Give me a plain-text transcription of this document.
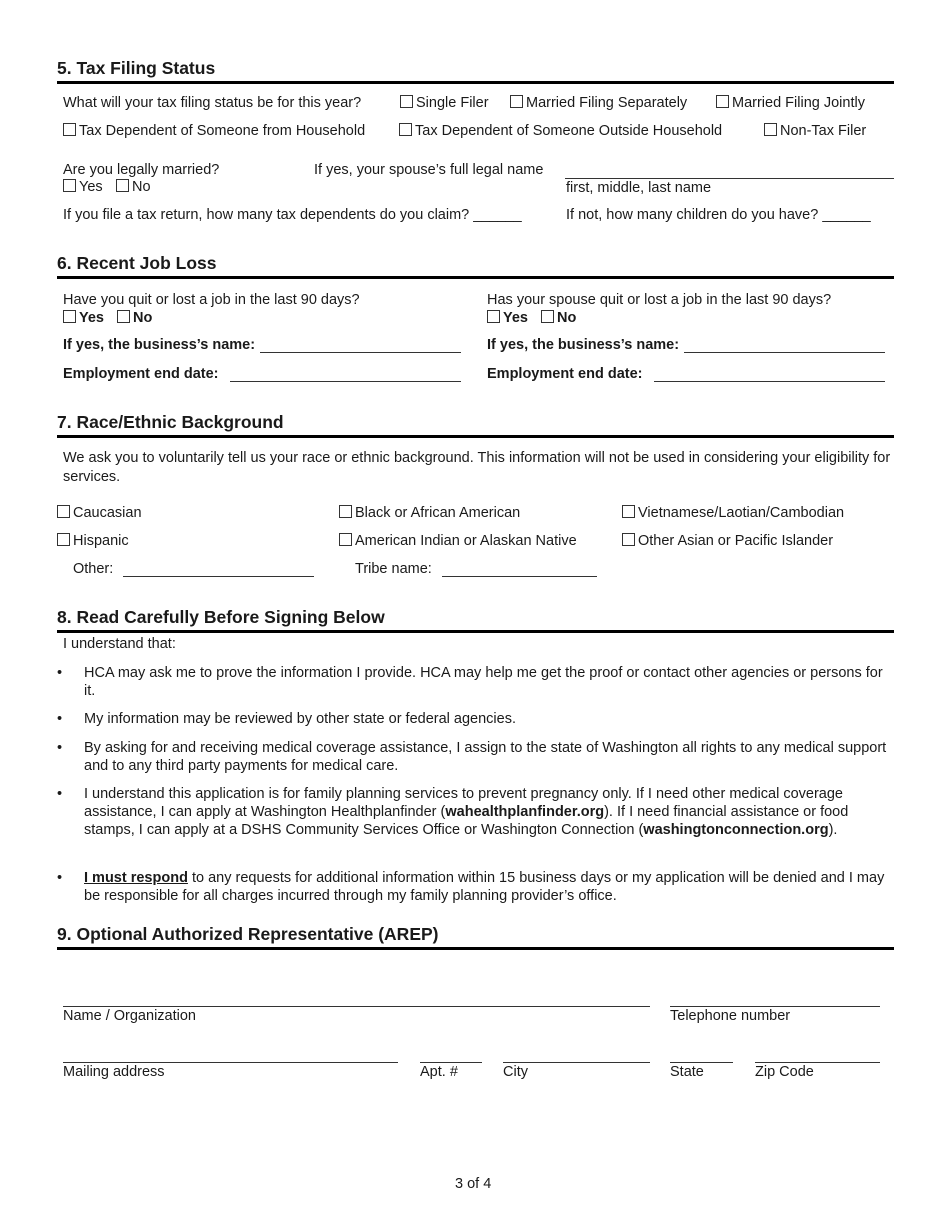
5. Tax Filing Status
What will your tax filing status be for this year?	Single Filer	Married Filing Separately	Married Filing Jointly
Tax Dependent of Someone from Household	Tax Dependent of Someone Outside Household	Non-Tax Filer
Are you legally married?
Yes	No
If yes, your spouse’s full legal name
first, middle, last name
If you file a tax return, how many tax dependents do you claim? ______	If not, how many children do you have? ______
6. Recent Job Loss
Have you quit or lost a job in the last 90 days?
Yes	No
Has your spouse quit or lost a job in the last 90 days?
Yes	No
If yes, the business’s name:	If yes, the business’s name:
Employment end date:	Employment end date:
7. Race/Ethnic Background
We ask you to voluntarily tell us your race or ethnic background. This information will not be used in considering your eligibility for services.
Caucasian	Black or African American	Vietnamese/Laotian/Cambodian
Hispanic	American Indian or Alaskan Native	Other Asian or Pacific Islander
Other:	Tribe name:
8. Read Carefully Before Signing Below
I understand that:
• HCA may ask me to prove the information I provide. HCA may help me get the proof or contact other agencies or persons for it.
• My information may be reviewed by other state or federal agencies.
• By asking for and receiving medical coverage assistance, I assign to the state of Washington all rights to any medical support and to any third party payments for medical care.
• I understand this application is for family planning services to prevent pregnancy only. If I need other medical coverage assistance, I can apply at Washington Healthplanfinder (wahealthplanfinder.org). If I need financial assistance or food stamps, I can apply at a DSHS Community Services Office or Washington Connection (washingtonconnection.org).
• I must respond to any requests for additional information within 15 business days or my application will be denied and I may be responsible for all charges incurred through my family planning provider’s office.
9. Optional Authorized Representative (AREP)
Name / Organization	Telephone number
Mailing address	Apt. #	City	State	Zip Code
3 of 4
